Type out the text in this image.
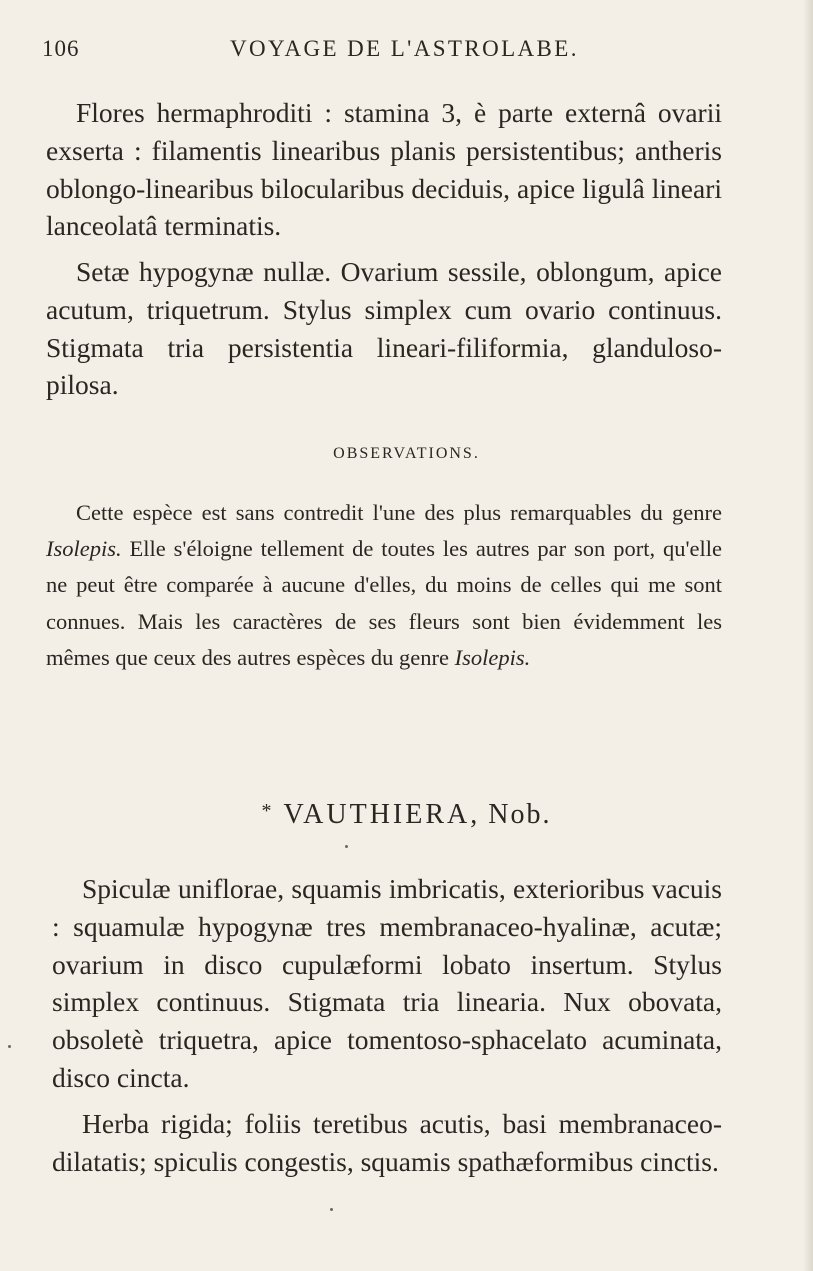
106	VOYAGE DE L'ASTROLABE.

Flores hermaphroditi : stamina 3, è parte externâ ovarii exserta : filamentis linearibus planis persistentibus; antheris oblongo-linearibus bilocularibus deciduis, apice ligulâ lineari lanceolatâ terminatis.

Setæ hypogynæ nullæ. Ovarium sessile, oblongum, apice acutum, triquetrum. Stylus simplex cum ovario continuus. Stigmata tria persistentia lineari-filiformia, glanduloso-pilosa.

OBSERVATIONS.

Cette espèce est sans contredit l'une des plus remarquables du genre Isolepis. Elle s'éloigne tellement de toutes les autres par son port, qu'elle ne peut être comparée à aucune d'elles, du moins de celles qui me sont connues. Mais les caractères de ses fleurs sont bien évidemment les mêmes que ceux des autres espèces du genre Isolepis.

* VAUTHIERA, Nob.

Spiculæ uniflorae, squamis imbricatis, exterioribus vacuis : squamulæ hypogynæ tres membranaceo-hyalinæ, acutæ; ovarium in disco cupulæformi lobato insertum. Stylus simplex continuus. Stigmata tria linearia. Nux obovata, obsoletè triquetra, apice tomentoso-sphacelato acuminata, disco cincta.

Herba rigida; foliis teretibus acutis, basi membranaceo-dilatatis; spiculis congestis, squamis spathæformibus cinctis.
